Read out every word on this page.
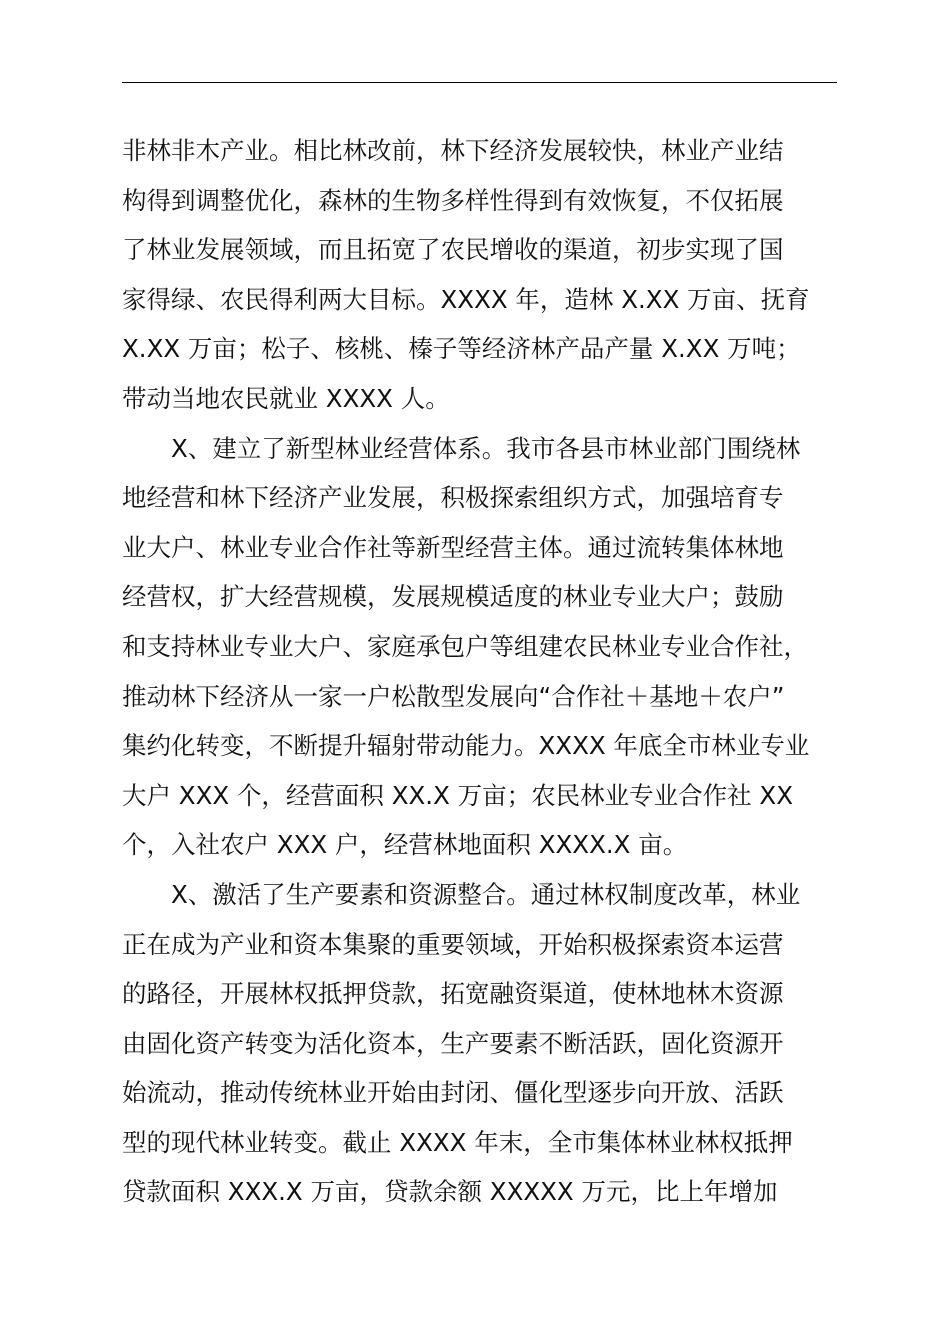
非林非木产业。相比林改前，林下经济发展较快，林业产业结
构得到调整优化，森林的生物多样性得到有效恢复，不仅拓展
了林业发展领域，而且拓宽了农民增收的渠道，初步实现了国
家得绿、农民得利两大目标。XXXX 年，造林 X.XX 万亩、抚育
X.XX 万亩；松子、核桃、榛子等经济林产品产量 X.XX 万吨；
带动当地农民就业 XXXX 人。
X、建立了新型林业经营体系。我市各县市林业部门围绕林
地经营和林下经济产业发展，积极探索组织方式，加强培育专
业大户、林业专业合作社等新型经营主体。通过流转集体林地
经营权，扩大经营规模，发展规模适度的林业专业大户；鼓励
和支持林业专业大户、家庭承包户等组建农民林业专业合作社，
推动林下经济从一家一户松散型发展向“合作社＋基地＋农户”
集约化转变，不断提升辐射带动能力。XXXX 年底全市林业专业
大户 XXX 个，经营面积 XX.X 万亩；农民林业专业合作社 XX
个，入社农户 XXX 户，经营林地面积 XXXX.X 亩。
X、激活了生产要素和资源整合。通过林权制度改革，林业
正在成为产业和资本集聚的重要领域，开始积极探索资本运营
的路径，开展林权抵押贷款，拓宽融资渠道，使林地林木资源
由固化资产转变为活化资本，生产要素不断活跃，固化资源开
始流动，推动传统林业开始由封闭、僵化型逐步向开放、活跃
型的现代林业转变。截止 XXXX 年末，全市集体林业林权抵押
贷款面积 XXX.X 万亩，贷款余额 XXXXX 万元，比上年增加
